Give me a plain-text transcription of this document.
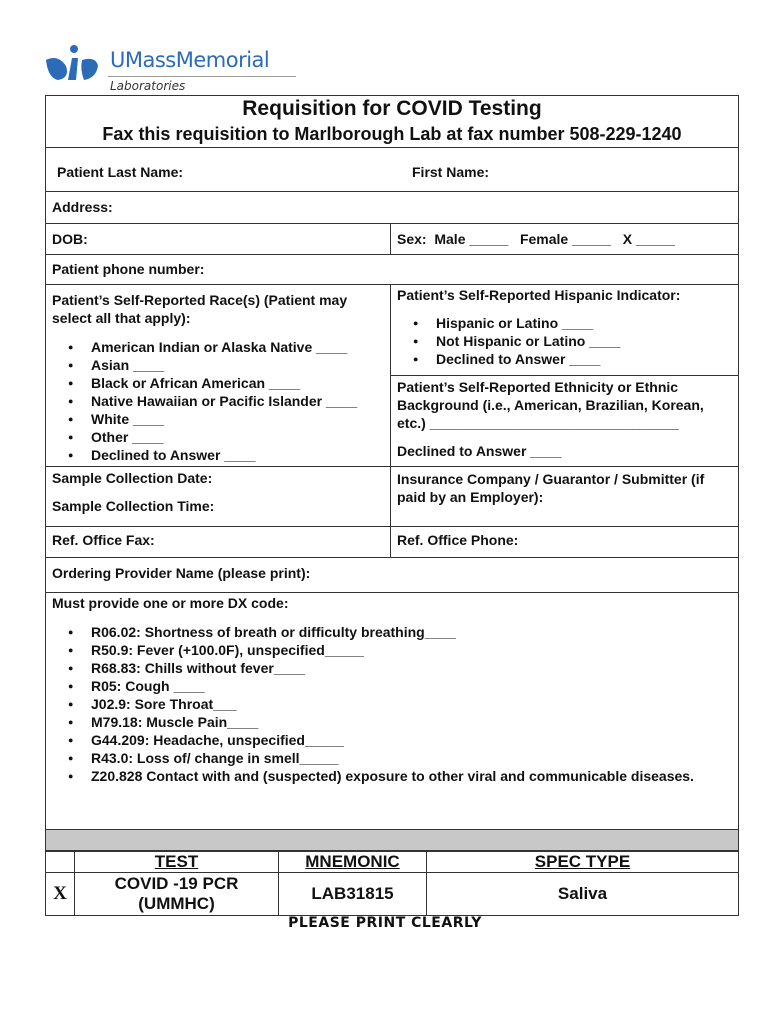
UMassMemorial
Laboratories
Requisition for COVID Testing
Fax this requisition to Marlborough Lab at fax number 508-229-1240
Patient Last Name:	First Name:
Address:
DOB:	Sex:  Male _____   Female _____   X _____
Patient phone number:
Patient’s Self-Reported Race(s) (Patient may select all that apply):
● American Indian or Alaska Native ____
● Asian ____
● Black or African American ____
● Native Hawaiian or Pacific Islander ____
● White ____
● Other ____
● Declined to Answer ____
Patient’s Self-Reported Hispanic Indicator:
● Hispanic or Latino ____
● Not Hispanic or Latino ____
● Declined to Answer ____
Patient’s Self-Reported Ethnicity or Ethnic Background (i.e., American, Brazilian, Korean, etc.) ________________________________
Declined to Answer ____
Sample Collection Date:
Sample Collection Time:
Insurance Company / Guarantor / Submitter (if paid by an Employer):
Ref. Office Fax:	Ref. Office Phone:
Ordering Provider Name (please print):
Must provide one or more DX code:
● R06.02: Shortness of breath or difficulty breathing____
● R50.9: Fever (+100.0F), unspecified_____
● R68.83: Chills without fever____
● R05: Cough ____
● J02.9: Sore Throat___
● M79.18: Muscle Pain____
● G44.209: Headache, unspecified_____
● R43.0: Loss of/ change in smell_____
● Z20.828 Contact with and (suspected) exposure to other viral and communicable diseases.
	TEST	MNEMONIC	SPEC TYPE
X	COVID -19 PCR (UMMHC)	LAB31815	Saliva
PLEASE PRINT CLEARLY
